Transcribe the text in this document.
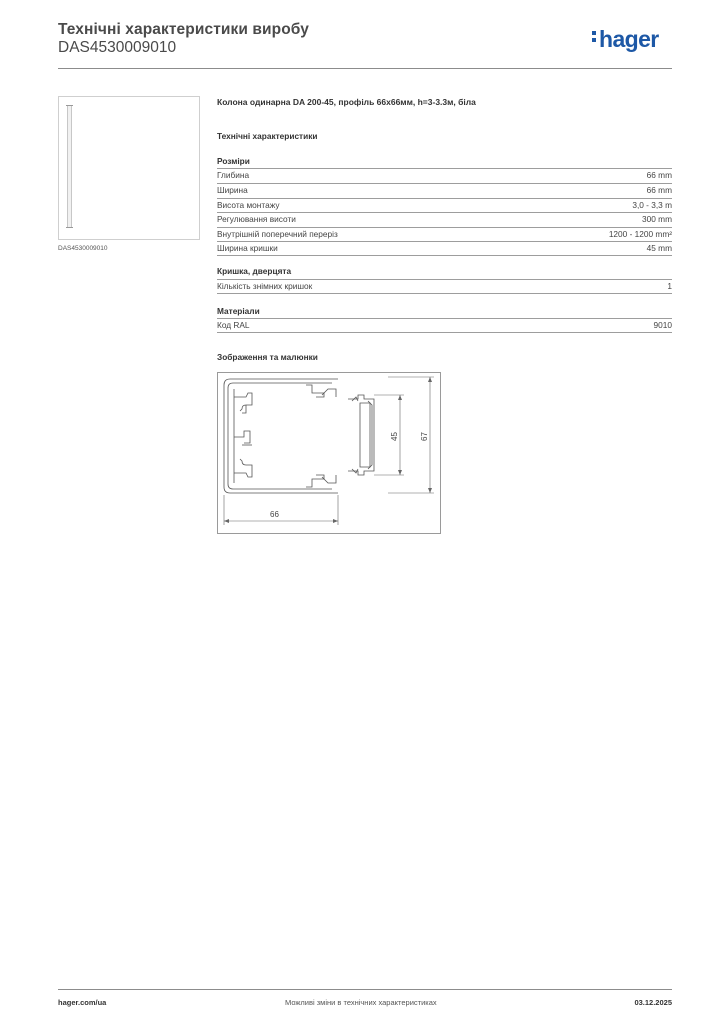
Технічні характеристики виробу
DAS4530009010	hager
DAS4530009010
Колона одинарна DA 200-45, профіль 66x66мм, h=3-3.3м, біла
Технічні характеристики
Розміри
Глибина	66 mm
Ширина	66 mm
Висота монтажу	3,0 - 3,3 m
Регулювання висоти	300 mm
Внутрішній поперечний переріз	1200 - 1200 mm²
Ширина кришки	45 mm
Кришка, дверцята
Кількість знімних кришок	1
Матеріали
Код RAL	9010
Зображення та малюнки
66
45	67
hager.com/ua	Можливі зміни в технічних характеристиках	03.12.2025
